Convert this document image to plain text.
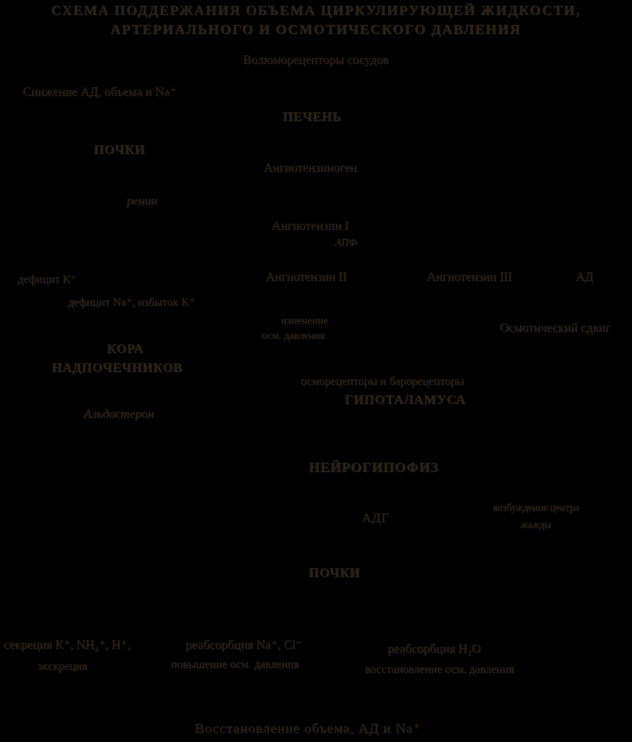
СХЕМА ПОДДЕРЖАНИЯ ОБЪЕМА ЦИРКУЛИРУЮЩЕЙ ЖИДКОСТИ,
АРТЕРИАЛЬНОГО И ОСМОТИЧЕСКОГО ДАВЛЕНИЯ
Волюморецепторы сосудов
Снижение АД, объема и Na⁺
ПЕЧЕНЬ
ПОЧКИ
Ангиотензиноген
ренин
Ангиотензин I
АПФ
дефицит К⁺	Ангиотензин II	Ангиотензин III	АД
дефицит Na⁺, избыток К⁺
изменение
осм. давления
Осмотический сдвиг
КОРА
НАДПОЧЕЧНИКОВ
осморецепторы и барорецепторы
ГИПОТАЛАМУСА
Альдостерон
НЕЙРОГИПОФИЗ
АДГ
возбуждение центра
жажды
ПОЧКИ
секреция К⁺, NH₄⁺, Н⁺,
экскреция
реабсорбция Na⁺, Cl⁻
повышение осм. давления
реабсорбция Н₂О
восстановление осм. давления
Восстановление объема, АД и Na⁺
